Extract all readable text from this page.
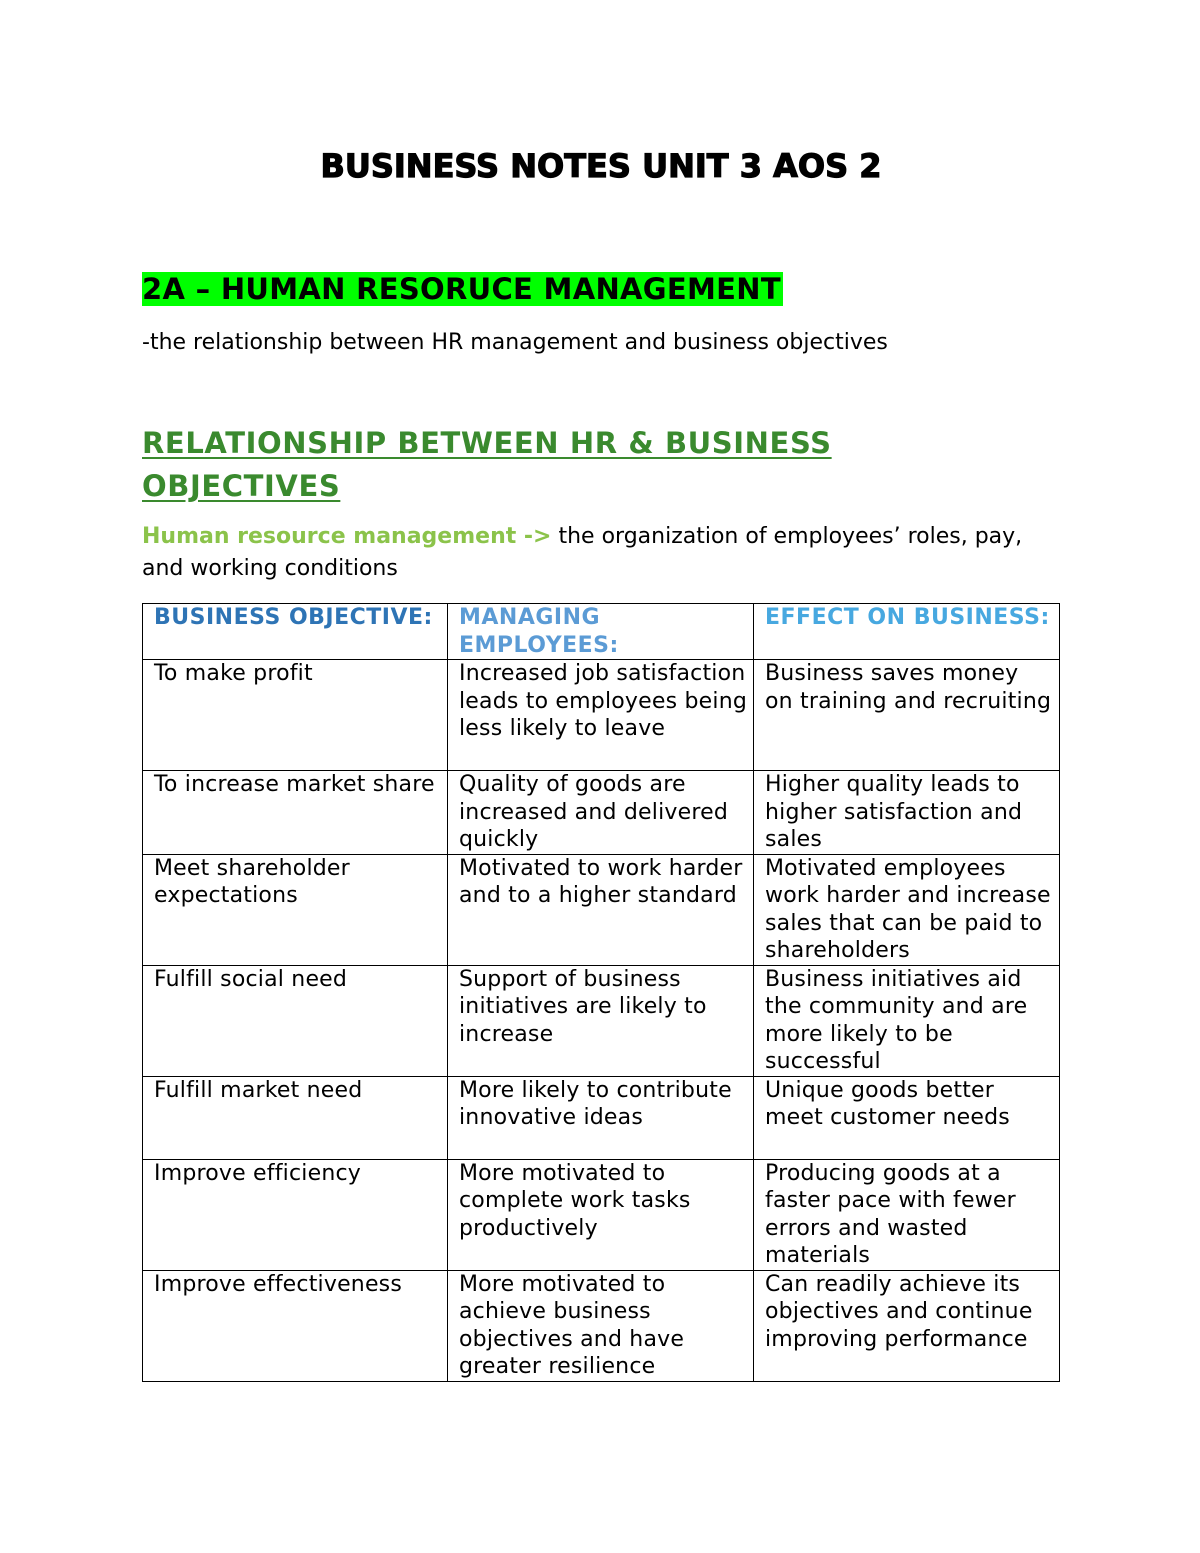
BUSINESS NOTES UNIT 3 AOS 2
2A – HUMAN RESORUCE MANAGEMENT

-the relationship between HR management and business objectives

RELATIONSHIP BETWEEN HR & BUSINESS OBJECTIVES

Human resource management -> the organization of employees’ roles, pay, and working conditions

BUSINESS OBJECTIVE:	MANAGING EMPLOYEES:	EFFECT ON BUSINESS:
To make profit	Increased job satisfaction leads to employees being less likely to leave	Business saves money on training and recruiting
To increase market share	Quality of goods are increased and delivered quickly	Higher quality leads to higher satisfaction and sales
Meet shareholder expectations	Motivated to work harder and to a higher standard	Motivated employees work harder and increase sales that can be paid to shareholders
Fulfill social need	Support of business initiatives are likely to increase	Business initiatives aid the community and are more likely to be successful
Fulfill market need	More likely to contribute innovative ideas	Unique goods better meet customer needs
Improve efficiency	More motivated to complete work tasks productively	Producing goods at a faster pace with fewer errors and wasted materials
Improve effectiveness	More motivated to achieve business objectives and have greater resilience	Can readily achieve its objectives and continue improving performance
